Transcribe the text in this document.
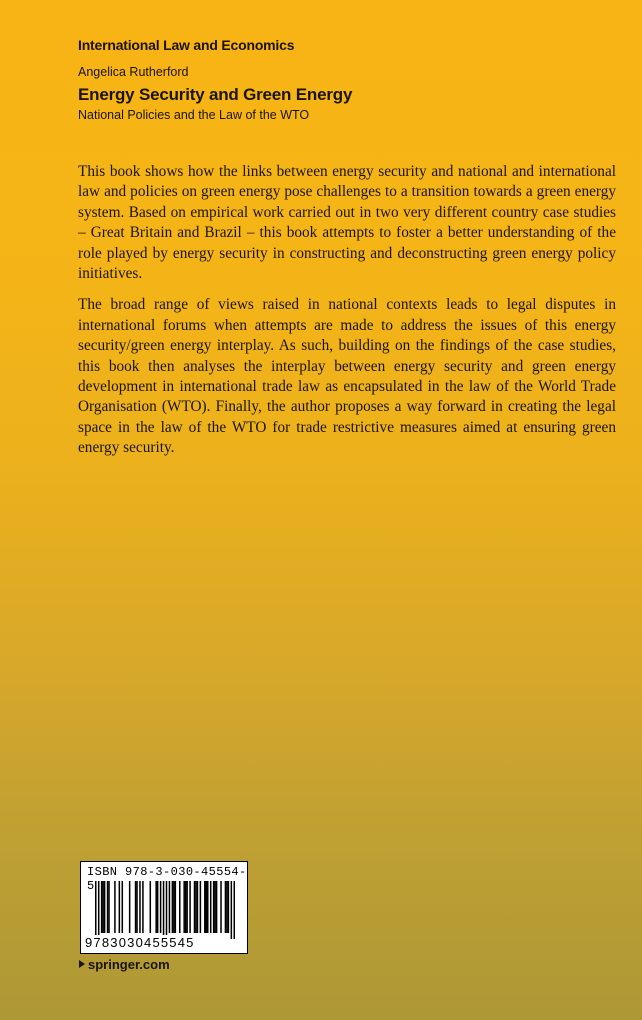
International Law and Economics
Angelica Rutherford
Energy Security and Green Energy
National Policies and the Law of the WTO

This book shows how the links between energy security and national and international law and policies on green energy pose challenges to a transition towards a green energy system. Based on empirical work carried out in two very different country case studies – Great Britain and Brazil – this book attempts to foster a better understanding of the role played by energy security in constructing and deconstructing green energy policy initiatives.

The broad range of views raised in national contexts leads to legal disputes in international forums when attempts are made to address the issues of this energy security/green energy interplay. As such, building on the findings of the case studies, this book then analyses the interplay between energy security and green energy development in international trade law as encapsulated in the law of the World Trade Organisation (WTO). Finally, the author proposes a way forward in creating the legal space in the law of the WTO for trade restrictive measures aimed at ensuring green energy security.

ISBN 978-3-030-45554-5
9783030455545
springer.com
